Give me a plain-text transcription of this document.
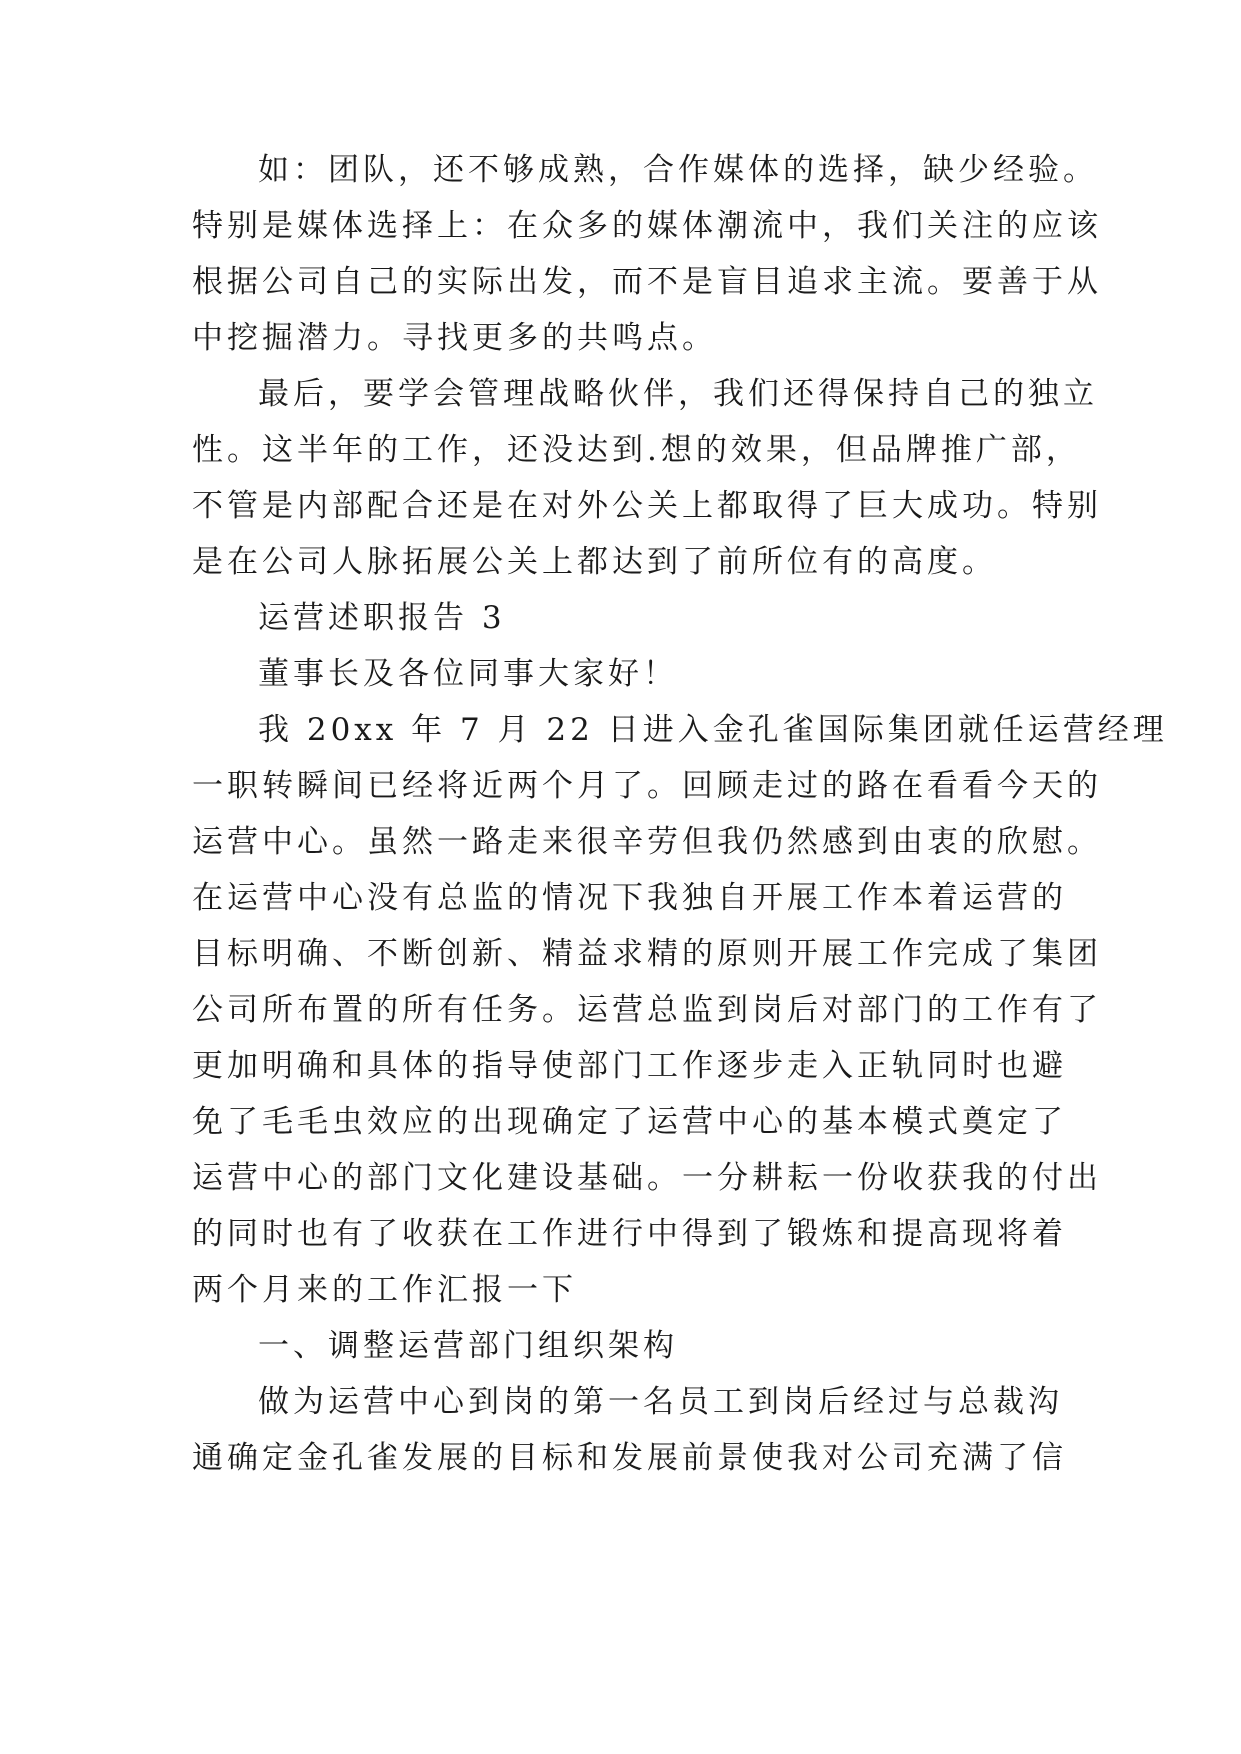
如：团队，还不够成熟，合作媒体的选择，缺少经验。
特别是媒体选择上：在众多的媒体潮流中，我们关注的应该
根据公司自己的实际出发，而不是盲目追求主流。要善于从
中挖掘潜力。寻找更多的共鸣点。
最后，要学会管理战略伙伴，我们还得保持自己的独立
性。这半年的工作，还没达到.想的效果，但品牌推广部，
不管是内部配合还是在对外公关上都取得了巨大成功。特别
是在公司人脉拓展公关上都达到了前所位有的高度。
运营述职报告 3
董事长及各位同事大家好！
我 20xx 年 7 月 22 日进入金孔雀国际集团就任运营经理
一职转瞬间已经将近两个月了。回顾走过的路在看看今天的
运营中心。虽然一路走来很辛劳但我仍然感到由衷的欣慰。
在运营中心没有总监的情况下我独自开展工作本着运营的
目标明确、不断创新、精益求精的原则开展工作完成了集团
公司所布置的所有任务。运营总监到岗后对部门的工作有了
更加明确和具体的指导使部门工作逐步走入正轨同时也避
免了毛毛虫效应的出现确定了运营中心的基本模式奠定了
运营中心的部门文化建设基础。一分耕耘一份收获我的付出
的同时也有了收获在工作进行中得到了锻炼和提高现将着
两个月来的工作汇报一下
一、调整运营部门组织架构
做为运营中心到岗的第一名员工到岗后经过与总裁沟
通确定金孔雀发展的目标和发展前景使我对公司充满了信
